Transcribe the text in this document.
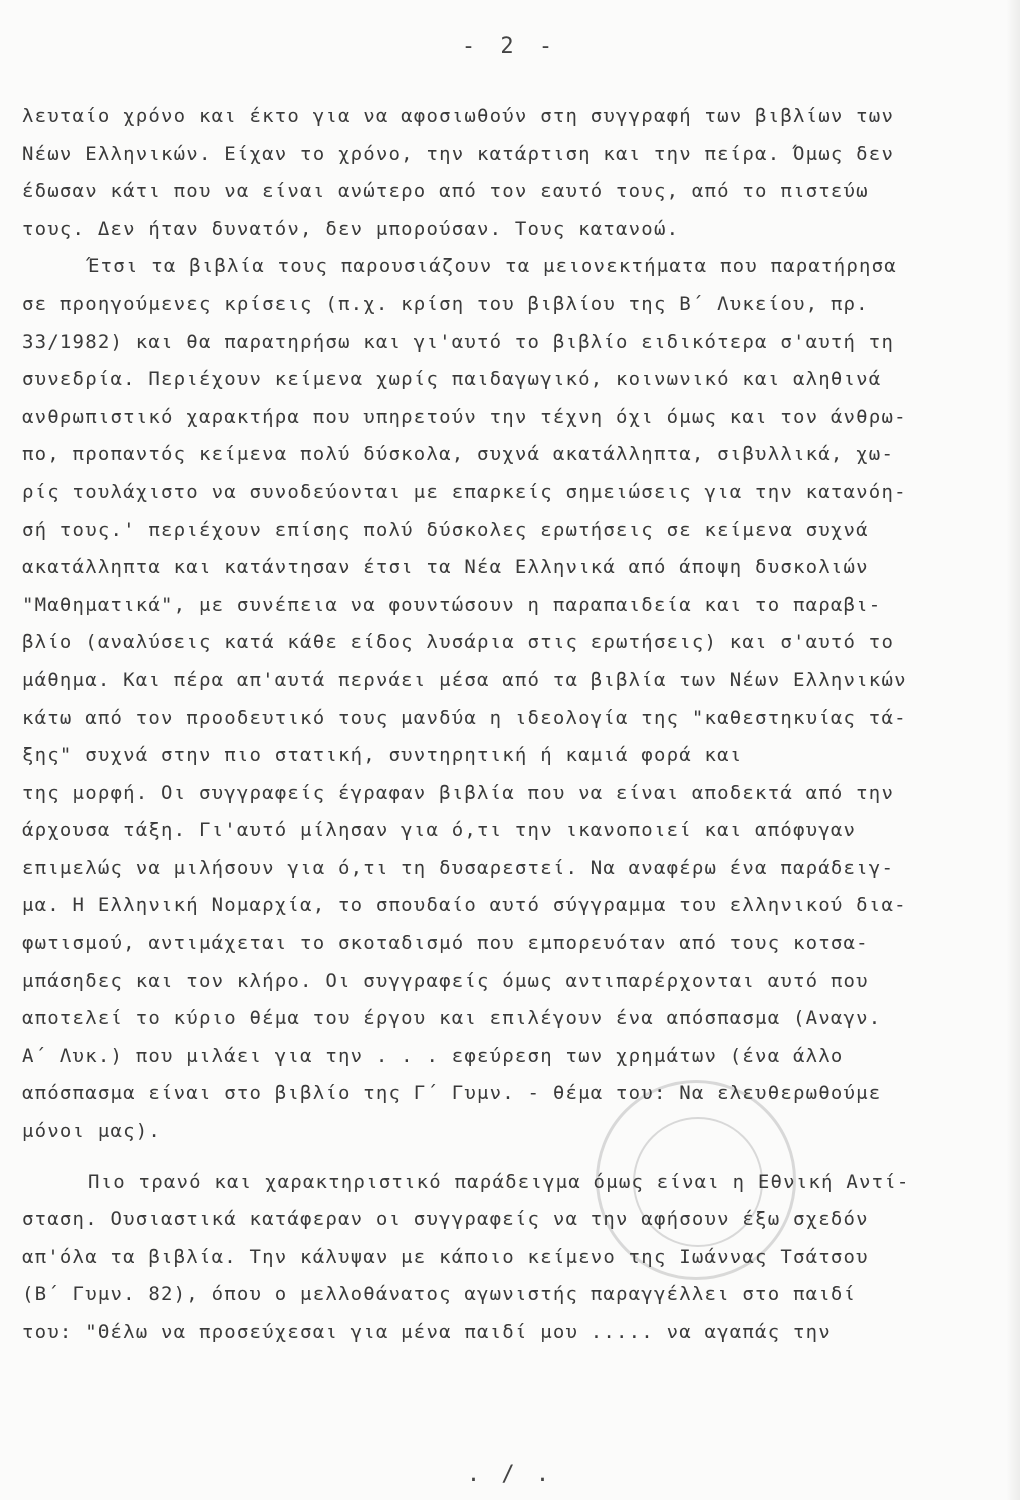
- 2 -
λευταίο χρόνο και έκτο για να αφοσιωθούν στη συγγραφή των βιβλίων των
Νέων Ελληνικών. Είχαν το χρόνο, την κατάρτιση και την πείρα. Όμως δεν
έδωσαν κάτι που να είναι ανώτερο από τον εαυτό τους, από το πιστεύω
τους. Δεν ήταν δυνατόν, δεν μπορούσαν. Τους κατανοώ.
Έτσι τα βιβλία τους παρουσιάζουν τα μειονεκτήματα που παρατήρησα
σε προηγούμενες κρίσεις (π.χ. κρίση του βιβλίου της Β΄ Λυκείου, πρ.
33/1982) και θα παρατηρήσω και γι'αυτό το βιβλίο ειδικότερα σ'αυτή τη
συνεδρία. Περιέχουν κείμενα χωρίς παιδαγωγικό, κοινωνικό και αληθινά
ανθρωπιστικό χαρακτήρα που υπηρετούν την τέχνη όχι όμως και τον άνθρω-
πο, προπαντός κείμενα πολύ δύσκολα, συχνά ακατάλληπτα, σιβυλλικά, χω-
ρίς τουλάχιστο να συνοδεύονται με επαρκείς σημειώσεις για την κατανόη-
σή τους.' περιέχουν επίσης πολύ δύσκολες ερωτήσεις σε κείμενα συχνά
ακατάλληπτα και κατάντησαν έτσι τα Νέα Ελληνικά από άποψη δυσκολιών
"Μαθηματικά", με συνέπεια να φουντώσουν η παραπαιδεία και το παραβι-
βλίο (αναλύσεις κατά κάθε είδος λυσάρια στις ερωτήσεις) και σ'αυτό το
μάθημα. Και πέρα απ'αυτά περνάει μέσα από τα βιβλία των Νέων Ελληνικών
κάτω από τον προοδευτικό τους μανδύα η ιδεολογία της "καθεστηκυίας τά-
ξης" συχνά στην πιο στατική, συντηρητική ή καμιά φορά και
της μορφή. Οι συγγραφείς έγραφαν βιβλία που να είναι αποδεκτά από την
άρχουσα τάξη. Γι'αυτό μίλησαν για ό,τι την ικανοποιεί και απόφυγαν
επιμελώς να μιλήσουν για ό,τι τη δυσαρεστεί. Να αναφέρω ένα παράδειγ-
μα. Η Ελληνική Νομαρχία, το σπουδαίο αυτό σύγγραμμα του ελληνικού δια-
φωτισμού, αντιμάχεται το σκοταδισμό που εμπορευόταν από τους κοτσα-
μπάσηδες και τον κλήρο. Οι συγγραφείς όμως αντιπαρέρχονται αυτό που
αποτελεί το κύριο θέμα του έργου και επιλέγουν ένα απόσπασμα (Αναγν.
Α΄ Λυκ.) που μιλάει για την . . . εφεύρεση των χρημάτων (ένα άλλο
απόσπασμα είναι στο βιβλίο της Γ΄ Γυμν. - θέμα του: Να ελευθερωθούμε
μόνοι μας).
Πιο τρανό και χαρακτηριστικό παράδειγμα όμως είναι η Εθνική Αντί-
σταση. Ουσιαστικά κατάφεραν οι συγγραφείς να την αφήσουν έξω σχεδόν
απ'όλα τα βιβλία. Την κάλυψαν με κάποιο κείμενο της Ιωάννας Τσάτσου
(Β΄ Γυμν. 82), όπου ο μελλοθάνατος αγωνιστής παραγγέλλει στο παιδί
του: "Θέλω να προσεύχεσαι για μένα παιδί μου ..... να αγαπάς την
. / .
